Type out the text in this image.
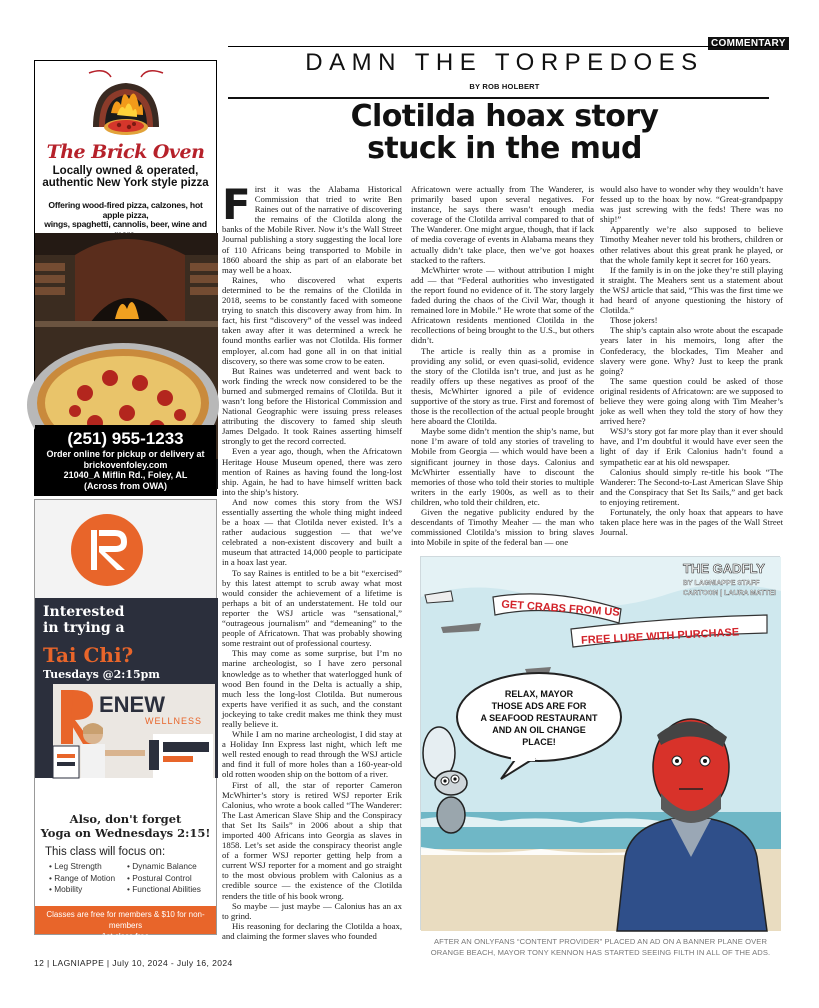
The Brick Oven
Locally owned & operated,
authentic New York style pizza
Offering wood-fired pizza, calzones, hot apple pizza,
wings, spaghetti, cannolis, beer, wine and
(251) 955-1233
Order online for pickup or delivery at
brickovenfoley.com
21040_A Miflin Rd., Foley, AL
(Across from OWA)
Interested
in trying a
Tai Chi?
Tuesdays @2:15pm
ENEW
WELLNESS
Also, don't forget
Yoga on Wednesdays 2:15!
This class will focus on:
• Leg Strength	• Dynamic Balance
• Range of Motion	• Postural Control
• Mobility	• Functional Abilities
Classes are free for members & $10 for non-members
1st class free
COMMENTARY
DAMN THE TORPEDOES
BY ROB HOLBERT
Clotilda hoax story
stuck in the mud

First it was the Alabama Historical Commission that tried to write Ben Raines out of the narrative of discovering the remains of the Clotilda along the banks of the Mobile River. Now it’s the Wall Street Journal publishing a story suggesting the local lore of 110 Africans being transported to Mobile in 1860 aboard the ship as part of an elaborate bet may well be a hoax.

Raines, who discovered what experts determined to be the remains of the Clotilda in 2018, seems to be constantly faced with someone trying to snatch this discovery away from him. In fact, his first “discovery” of the vessel was indeed taken away after it was determined a wreck he found months earlier was not Clotilda. His former employer, al.com had gone all in on that initial discovery, so there was some crow to be eaten.

But Raines was undeterred and went back to work finding the wreck now considered to be the burned and submerged remains of Clotilda. But it wasn’t long before the Historical Commission and National Geographic were issuing press releases attributing the discovery to famed ship sleuth James Delgado. It took Raines asserting himself strongly to get the record corrected.

Even a year ago, though, when the Africatown Heritage House Museum opened, there was zero mention of Raines as having found the long-lost ship. Again, he had to have himself written back into the ship’s history.

And now comes this story from the WSJ essentially asserting the whole thing might indeed be a hoax — that Clotilda never existed. It’s a rather audacious suggestion — that we’ve celebrated a non-existent discovery and built a museum that attracted 14,000 people to participate in a hoax last year.

To say Raines is entitled to be a bit “exercised” by this latest attempt to scrub away what most would consider the achievement of a lifetime is perhaps a bit of an understatement. He told our reporter the WSJ article was “sensational,” “outrageous journalism” and “demeaning” to the people of Africatown. That was probably showing some restraint out of professional courtesy.

This may come as some surprise, but I’m no marine archeologist, so I have zero personal knowledge as to whether that waterlogged hunk of wood Ben found in the Delta is actually a ship, much less the long-lost Clotilda. But numerous experts have verified it as such, and the constant jockeying to take credit makes me think they must really believe it.

While I am no marine archeologist, I did stay at a Holiday Inn Express last night, which left me well rested enough to read through the WSJ article and find it full of more holes than a 160-year-old old rotten wooden ship on the bottom of a river.

First of all, the star of reporter Cameron McWhirter’s story is retired WSJ reporter Erik Calonius, who wrote a book called “The Wanderer: The Last American Slave Ship and the Conspiracy that Set Its Sails” in 2006 about a ship that imported 400 Africans into Georgia as slaves in 1858. Let’s set aside the conspiracy theorist angle of a former WSJ reporter getting help from a current WSJ reporter for a moment and go straight to the most obvious problem with Calonius as a credible source — the existence of the Clotilda renders the title of his book wrong.

So maybe — just maybe — Calonius has an ax to grind.

His reasoning for declaring the Clotilda a hoax, and claiming the former slaves who founded

Africatown were actually from The Wanderer, is primarily based upon several negatives. For instance, he says there wasn’t enough media coverage of the Clotilda arrival compared to that of The Wanderer. One might argue, though, that if lack of media coverage of events in Alabama means they actually didn’t take place, then we’ve got hoaxes stacked to the rafters.

McWhirter wrote — without attribution I might add — that “Federal authorities who investigated the report found no evidence of it. The story largely faded during the chaos of the Civil War, though it remained lore in Mobile.” He wrote that some of the Africatown residents mentioned Clotilda in the recollections of being brought to the U.S., but others didn’t.

The article is really thin as a promise in providing any solid, or even quasi-solid, evidence the story of the Clotilda isn’t true, and just as he readily offers up these negatives as proof of the thesis, McWhirter ignored a pile of evidence supportive of the story as true. First and foremost of those is the recollection of the actual people brought here aboard the Clotilda.

Maybe some didn’t mention the ship’s name, but none I’m aware of told any stories of traveling to Mobile from Georgia — which would have been a significant journey in those days. Calonius and McWhirter essentially have to discount the memories of those who told their stories to multiple writers in the early 1900s, as well as to their children, who told their children, etc.

Given the negative publicity endured by the descendants of Timothy Meaher — the man who commissioned Clotilda’s mission to bring slaves into Mobile in spite of the federal ban — one

would also have to wonder why they wouldn’t have fessed up to the hoax by now. “Great-grandpappy was just screwing with the feds! There was no ship!”

Apparently we’re also supposed to believe Timothy Meaher never told his brothers, children or other relatives about this great prank he played, or that the whole family kept it secret for 160 years.

If the family is in on the joke they’re still playing it straight. The Meahers sent us a statement about the WSJ article that said, “This was the first time we had heard of anyone questioning the history of Clotilda.”

Those jokers!

The ship’s captain also wrote about the escapade years later in his memoirs, long after the Confederacy, the blockades, Tim Meaher and slavery were gone. Why? Just to keep the prank going?

The same question could be asked of those original residents of Africatown: are we supposed to believe they were going along with Tim Meaher’s joke as well when they told the story of how they arrived here?

WSJ’s story got far more play than it ever should have, and I’m doubtful it would have ever seen the light of day if Erik Calonius hadn’t found a sympathetic ear at his old newspaper.

Calonius should simply re-title his book “The Wanderer: The Second-to-Last American Slave Ship and the Conspiracy that Set Its Sails,” and get back to enjoying retirement.

Fortunately, the only hoax that appears to have taken place here was in the pages of the Wall Street Journal.

THE GADFLY
BY LAGNIAPPE STAFF
CARTOON | LAURA MATTEI
GET CRABS FROM US
FREE LUBE WITH PURCHASE
RELAX, MAYOR
THOSE ADS ARE FOR
A SEAFOOD RESTAURANT
AND AN OIL CHANGE
PLACE!
AFTER AN ONLYFANS “CONTENT PROVIDER” PLACED AN AD ON A BANNER PLANE OVER ORANGE BEACH, MAYOR TONY KENNON HAS STARTED SEEING FILTH IN ALL OF THE ADS.
12 | LAGNIAPPE | July 10, 2024 - July 16, 2024
